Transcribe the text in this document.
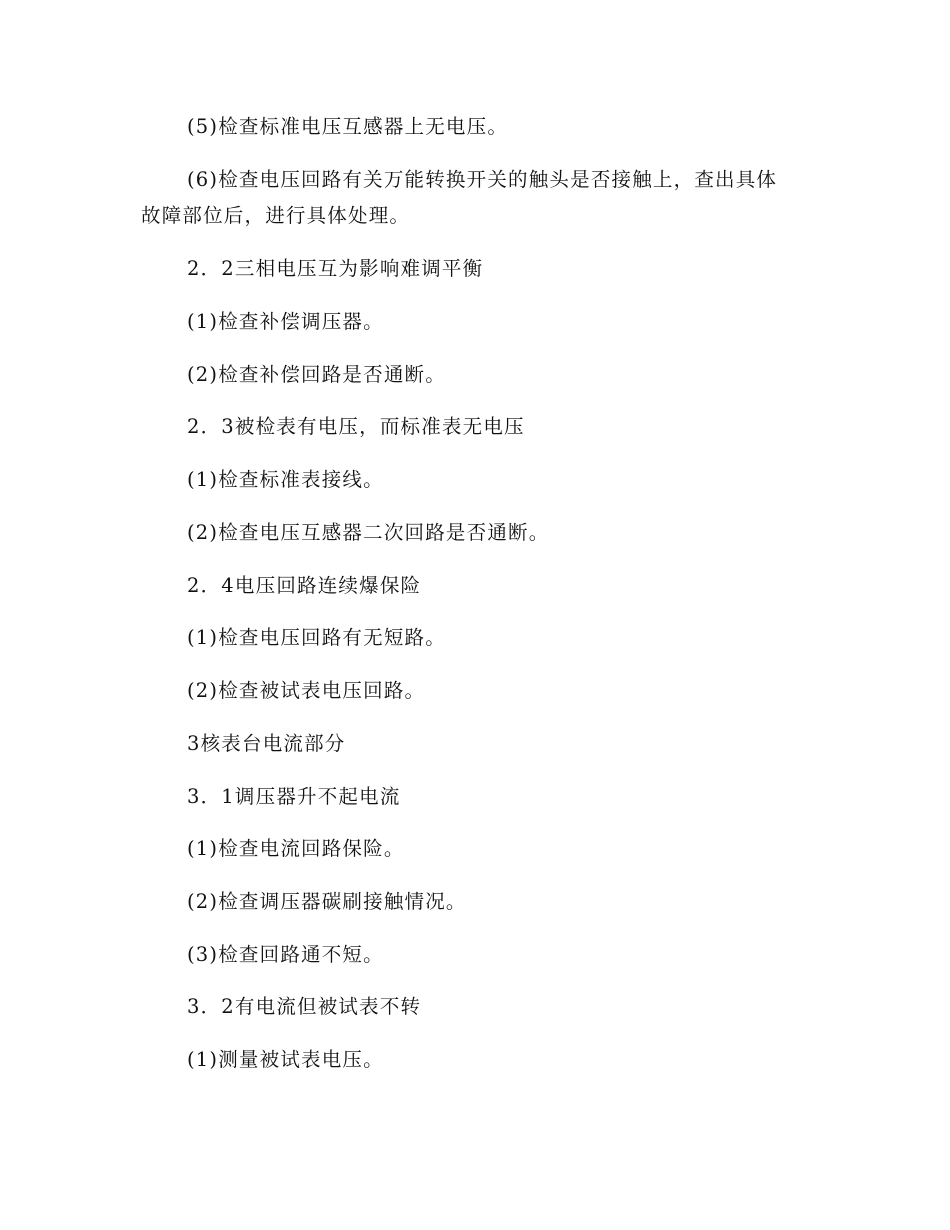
(5)检查标准电压互感器上无电压。
(6)检查电压回路有关万能转换开关的触头是否接触上，查出具体
故障部位后，进行具体处理。
2．2三相电压互为影响难调平衡
(1)检查补偿调压器。
(2)检查补偿回路是否通断。
2．3被检表有电压，而标准表无电压
(1)检查标准表接线。
(2)检查电压互感器二次回路是否通断。
2．4电压回路连续爆保险
(1)检查电压回路有无短路。
(2)检查被试表电压回路。
3核表台电流部分
3．1调压器升不起电流
(1)检查电流回路保险。
(2)检查调压器碳刷接触情况。
(3)检查回路通不短。
3．2有电流但被试表不转
(1)测量被试表电压。
